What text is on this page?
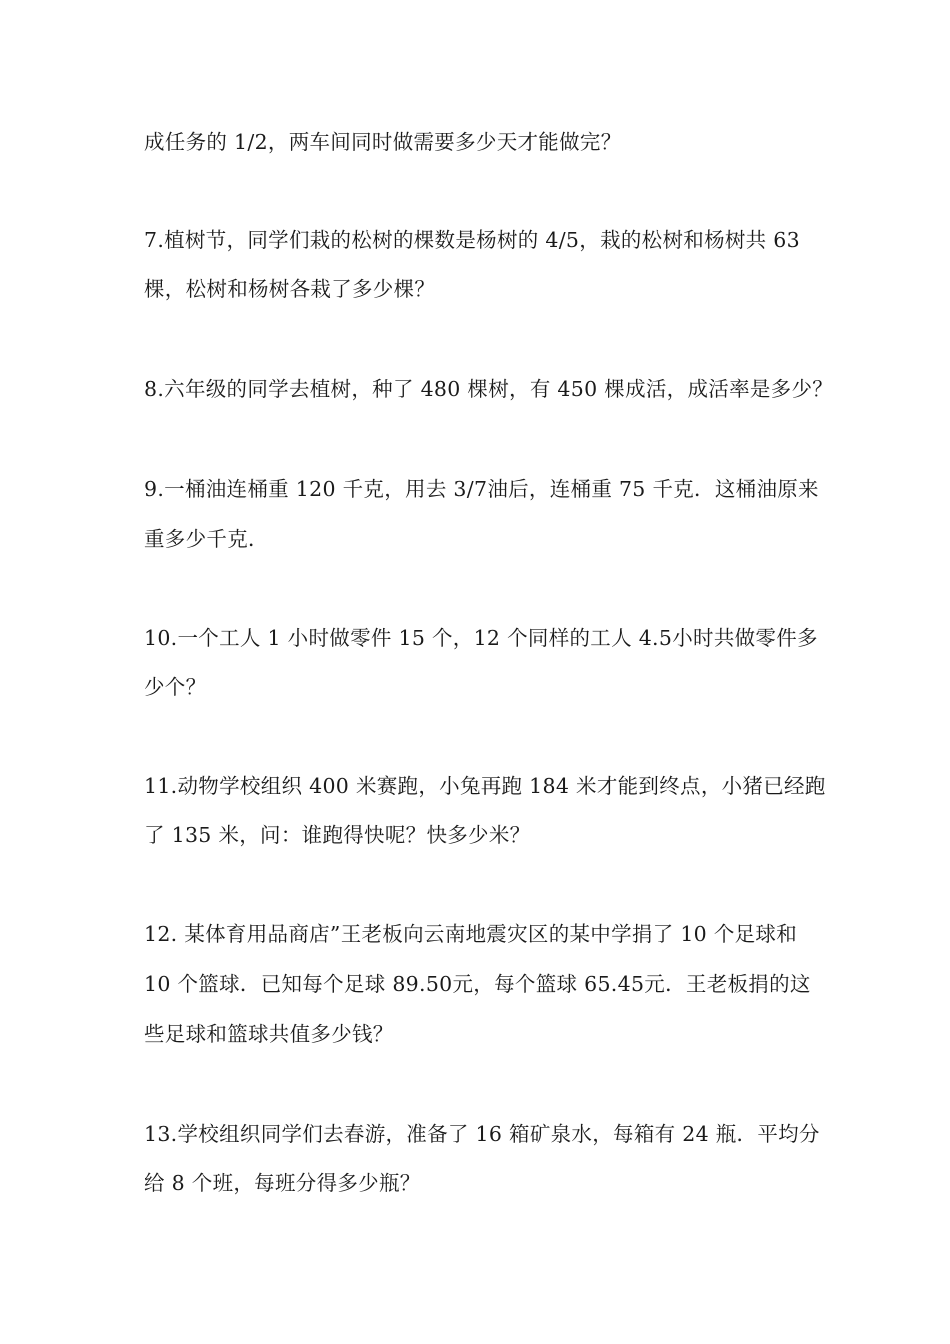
成任务的 1/2，两车间同时做需要多少天才能做完？
7.植树节，同学们栽的松树的棵数是杨树的 4/5，栽的松树和杨树共 63
棵，松树和杨树各栽了多少棵？
8.六年级的同学去植树，种了 480 棵树，有 450 棵成活，成活率是多少？
9.一桶油连桶重 120 千克，用去 3/7油后，连桶重 75 千克．这桶油原来
重多少千克．
10.一个工人 1 小时做零件 15 个，12 个同样的工人 4.5小时共做零件多
少个？
11.动物学校组织 400 米赛跑，小兔再跑 184 米才能到终点，小猪已经跑
了 135 米，问：谁跑得快呢？快多少米？
12. 某体育用品商店”王老板向云南地震灾区的某中学捐了 10 个足球和
10 个篮球．已知每个足球 89.50元，每个篮球 65.45元．王老板捐的这
些足球和篮球共值多少钱？
13.学校组织同学们去春游，准备了 16 箱矿泉水，每箱有 24 瓶．平均分
给 8 个班，每班分得多少瓶？
